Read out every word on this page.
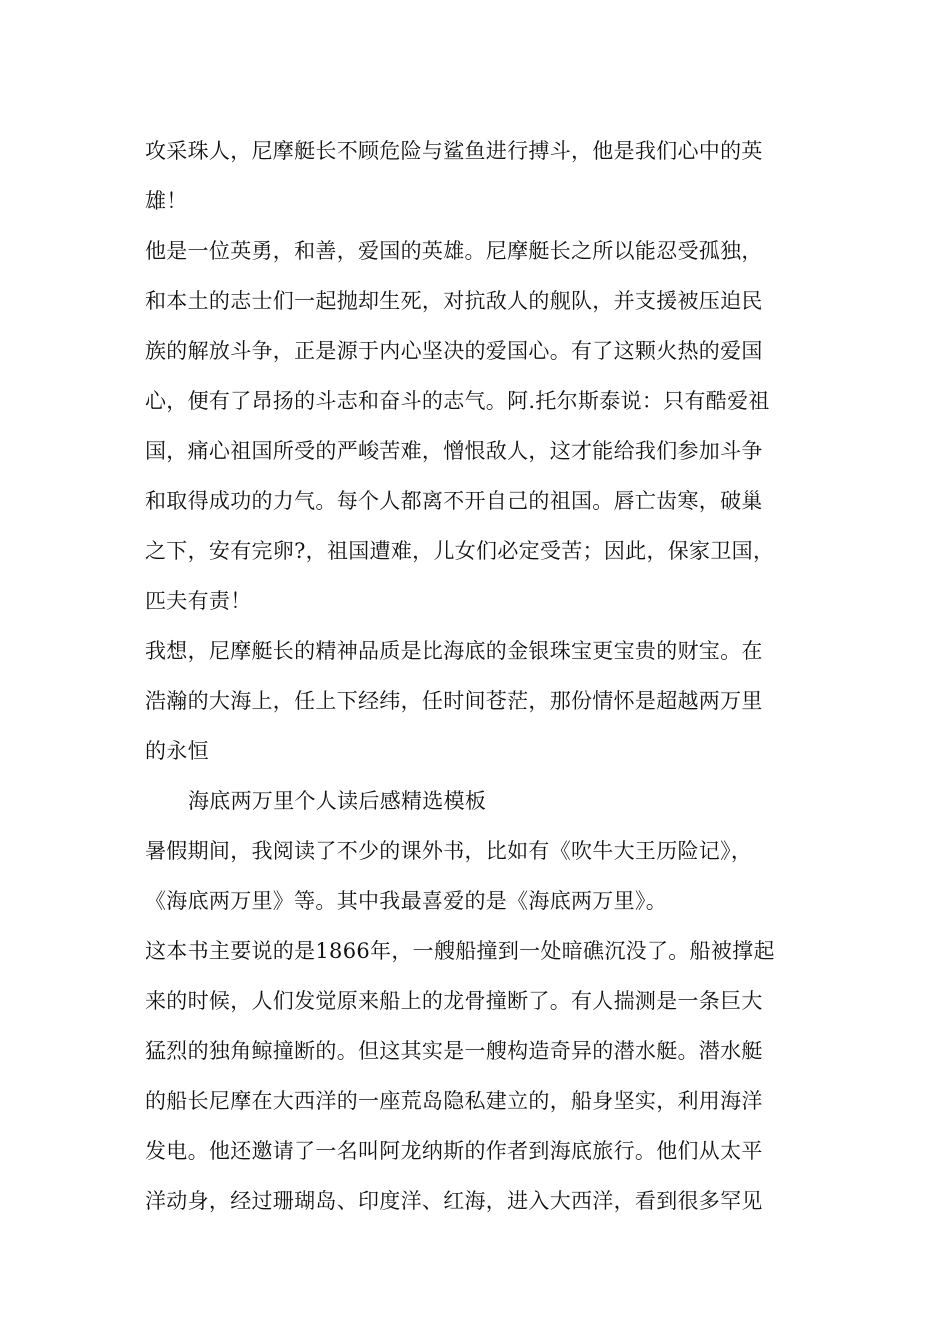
攻采珠人，尼摩艇长不顾危险与鲨鱼进行搏斗，他是我们心中的英
雄！
他是一位英勇，和善，爱国的英雄。尼摩艇长之所以能忍受孤独，
和本土的志士们一起抛却生死，对抗敌人的舰队，并支援被压迫民
族的解放斗争，正是源于内心坚决的爱国心。有了这颗火热的爱国
心，便有了昂扬的斗志和奋斗的志气。阿.托尔斯泰说：只有酷爱祖
国，痛心祖国所受的严峻苦难，憎恨敌人，这才能给我们参加斗争
和取得成功的力气。每个人都离不开自己的祖国。唇亡齿寒，破巢
之下，安有完卵?，祖国遭难，儿女们必定受苦；因此，保家卫国，
匹夫有责！
我想，尼摩艇长的精神品质是比海底的金银珠宝更宝贵的财宝。在
浩瀚的大海上，任上下经纬，任时间苍茫，那份情怀是超越两万里
的永恒
海底两万里个人读后感精选模板
暑假期间，我阅读了不少的课外书，比如有《吹牛大王历险记》，
《海底两万里》等。其中我最喜爱的是《海底两万里》。
这本书主要说的是1866年，一艘船撞到一处暗礁沉没了。船被撑起
来的时候，人们发觉原来船上的龙骨撞断了。有人揣测是一条巨大
猛烈的独角鲸撞断的。但这其实是一艘构造奇异的潜水艇。潜水艇
的船长尼摩在大西洋的一座荒岛隐私建立的，船身坚实，利用海洋
发电。他还邀请了一名叫阿龙纳斯的作者到海底旅行。他们从太平
洋动身，经过珊瑚岛、印度洋、红海，进入大西洋，看到很多罕见
